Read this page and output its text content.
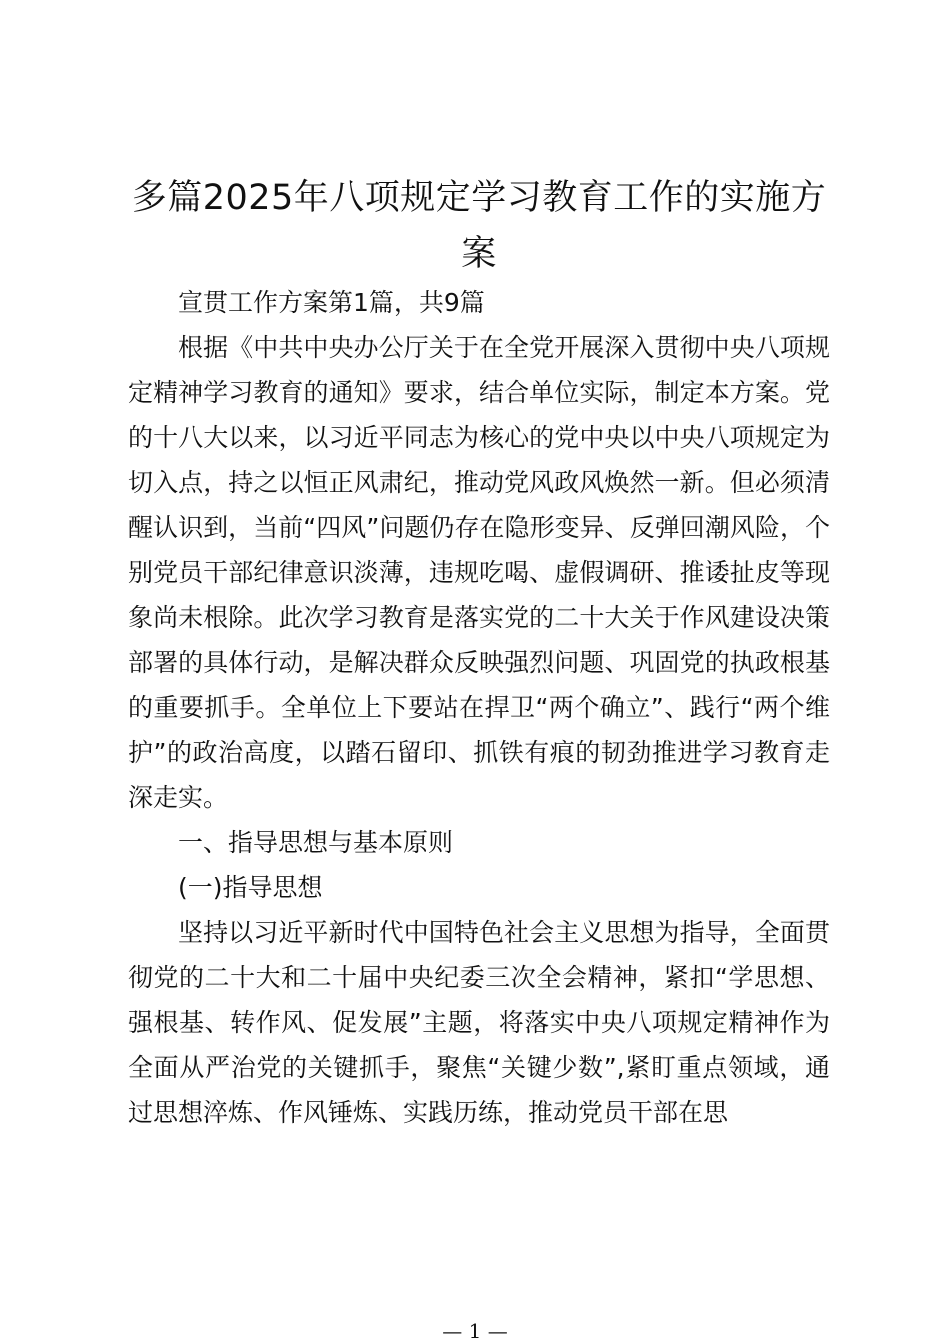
多篇2025年八项规定学习教育工作的实施方案

宣贯工作方案第1篇，共9篇

根据《中共中央办公厅关于在全党开展深入贯彻中央八项规定精神学习教育的通知》要求，结合单位实际，制定本方案。党的十八大以来，以习近平同志为核心的党中央以中央八项规定为切入点，持之以恒正风肃纪，推动党风政风焕然一新。但必须清醒认识到，当前“四风”问题仍存在隐形变异、反弹回潮风险，个别党员干部纪律意识淡薄，违规吃喝、虚假调研、推诿扯皮等现象尚未根除。此次学习教育是落实党的二十大关于作风建设决策部署的具体行动，是解决群众反映强烈问题、巩固党的执政根基的重要抓手。全单位上下要站在捍卫“两个确立”、践行“两个维护”的政治高度，以踏石留印、抓铁有痕的韧劲推进学习教育走深走实。

一、指导思想与基本原则

(一)指导思想

坚持以习近平新时代中国特色社会主义思想为指导，全面贯彻党的二十大和二十届中央纪委三次全会精神，紧扣“学思想、强根基、转作风、促发展”主题，将落实中央八项规定精神作为全面从严治党的关键抓手，聚焦“关键少数”,紧盯重点领域，通过思想淬炼、作风锤炼、实践历练，推动党员干部在思

— 1 —
